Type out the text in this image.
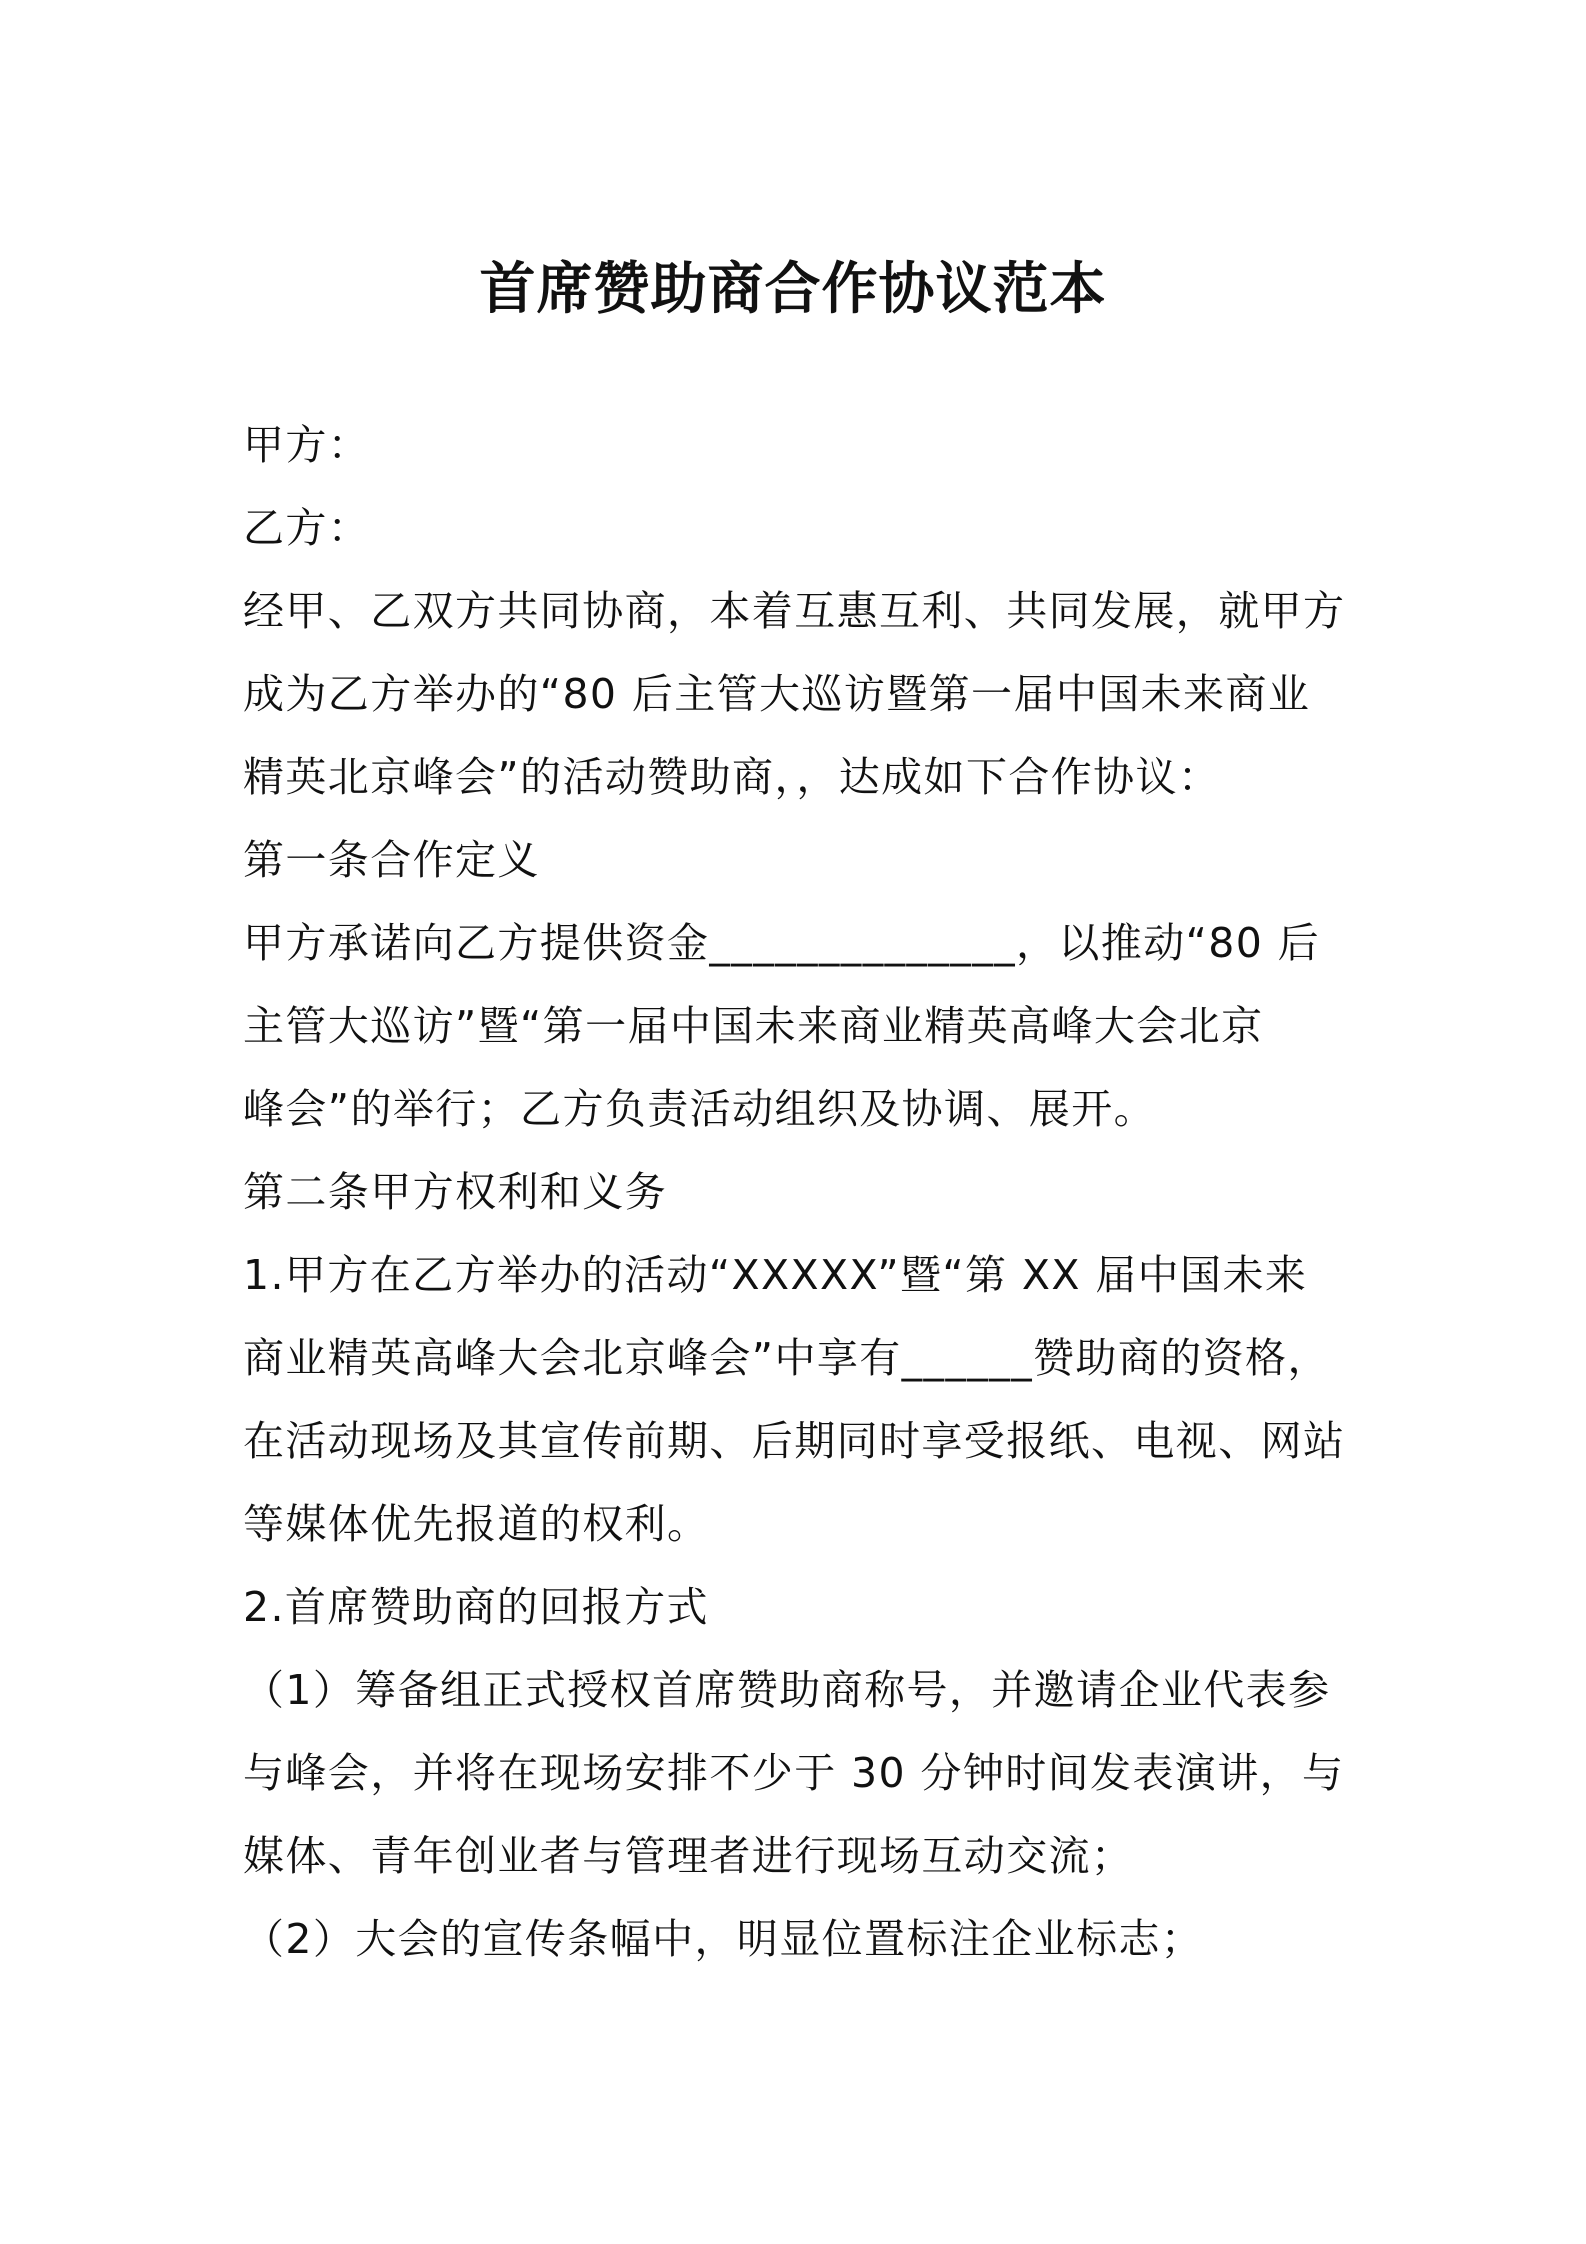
首席赞助商合作协议范本
甲方：
乙方：
经甲、乙双方共同协商，本着互惠互利、共同发展，就甲方
成为乙方举办的“80 后主管大巡访暨第一届中国未来商业
精英北京峰会”的活动赞助商，，达成如下合作协议：
第一条合作定义
甲方承诺向乙方提供资金______________，以推动“80 后
主管大巡访”暨“第一届中国未来商业精英高峰大会北京
峰会”的举行；乙方负责活动组织及协调、展开。
第二条甲方权利和义务
1.甲方在乙方举办的活动“XXXXX”暨“第 XX 届中国未来
商业精英高峰大会北京峰会”中享有______赞助商的资格，
在活动现场及其宣传前期、后期同时享受报纸、电视、网站
等媒体优先报道的权利。
2.首席赞助商的回报方式
（1）筹备组正式授权首席赞助商称号，并邀请企业代表参
与峰会，并将在现场安排不少于 30 分钟时间发表演讲，与
媒体、青年创业者与管理者进行现场互动交流；
（2）大会的宣传条幅中，明显位置标注企业标志；
